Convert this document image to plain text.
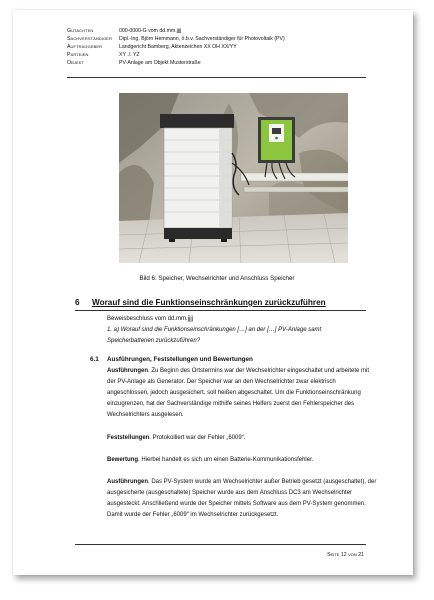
Gutachten	000-0000-G vom dd.mm.jjjj
Sachverständiger	Dipl.-Ing. Björn Hemmann, ö.b.v. Sachverständiger für Photovoltaik (PV)
Auftraggeber	Landgericht Bamberg, Aktenzeichen XX OH XX/YY
Parteien	XY ./. YZ
Objekt	PV-Anlage am Objekt Musterstraße
Bild 6: Speicher, Wechselrichter und Anschluss Speicher
6 Worauf sind die Funktionseinschränkungen zurückzuführen
Beweisbeschluss vom dd.mm.jjjj
1. a) Worauf sind die Funktionseinschränkungen […] an der […] PV-Anlage samt
Speicherbatterien zurückzuführen?
6.1 Ausführungen, Feststellungen und Bewertungen
Ausführungen. Zu Beginn des Ortstermins war der Wechselrichter eingeschaltet und arbeitete mit der PV-Anlage als Generator. Der Speicher war an den Wechselrichter zwar elektrisch angeschlossen, jedoch ausgesichert, soll heißen abgeschaltet. Um die Funktionseinschränkung einzugrenzen, hat der Sachverständige mithilfe seines Helfers zuerst den Fehlerspeicher des Wechselrichters ausgelesen.
Feststellungen. Protokolliert war der Fehler „6009“.
Bewertung. Hierbei handelt es sich um einen Batterie-Kommunikationsfehler.
Ausführungen. Das PV-System wurde am Wechselrichter außer Betrieb gesetzt (ausgeschaltet), der ausgesicherte (ausgeschaltete) Speicher wurde aus dem Anschluss DC3 am Wechselrichter ausgesteckt. Anschließend wurde der Speicher mittels Software aus dem PV-System genommen. Damit wurde der Fehler „6009“ im Wechselrichter zurückgesetzt.
Seite 12 von 21
